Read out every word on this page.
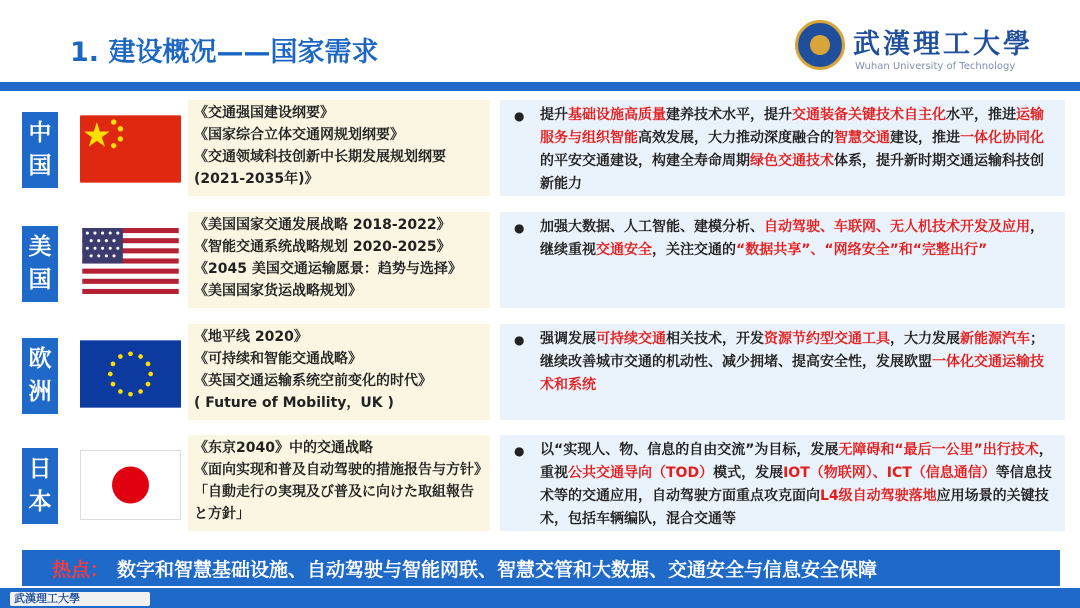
1. 建设概况——国家需求	武漢理工大學
Wuhan University of Technology
中
国
《交通强国建设纲要》
《国家综合立体交通网规划纲要》
《交通领域科技创新中长期发展规划纲要
(2021-2035年)》
● 提升基础设施高质量建养技术水平，提升交通装备关键技术自主化水平，推进运输服务与组织智能高效发展，大力推动深度融合的智慧交通建设，推进一体化协同化的平安交通建设，构建全寿命周期绿色交通技术体系，提升新时期交通运输科技创新能力
美
国
《美国国家交通发展战略 2018-2022》
《智能交通系统战略规划 2020-2025》
《2045 美国交通运输愿景：趋势与选择》
《美国国家货运战略规划》
● 加强大数据、人工智能、建模分析、自动驾驶、车联网、无人机技术开发及应用，继续重视交通安全，关注交通的“数据共享”、“网络安全”和“完整出行”
欧
洲
《地平线 2020》
《可持续和智能交通战略》
《英国交通运输系统空前变化的时代》
( Future of Mobility，UK )
● 强调发展可持续交通相关技术，开发资源节约型交通工具，大力发展新能源汽车；继续改善城市交通的机动性、减少拥堵、提高安全性，发展欧盟一体化交通运输技术和系统
日
本
《东京2040》中的交通战略
《面向实现和普及自动驾驶的措施报告与方针》「自動走行の実現及び普及に向けた取組報告と方針」
● 以“实现人、物、信息的自由交流”为目标，发展无障碍和“最后一公里”出行技术，重视公共交通导向（TOD）模式，发展IOT（物联网）、ICT（信息通信）等信息技术等的交通应用，自动驾驶方面重点攻克面向L4级自动驾驶落地应用场景的关键技术，包括车辆编队，混合交通等
热点： 数字和智慧基础设施、自动驾驶与智能网联、智慧交管和大数据、交通安全与信息安全保障
武漢理工大學
